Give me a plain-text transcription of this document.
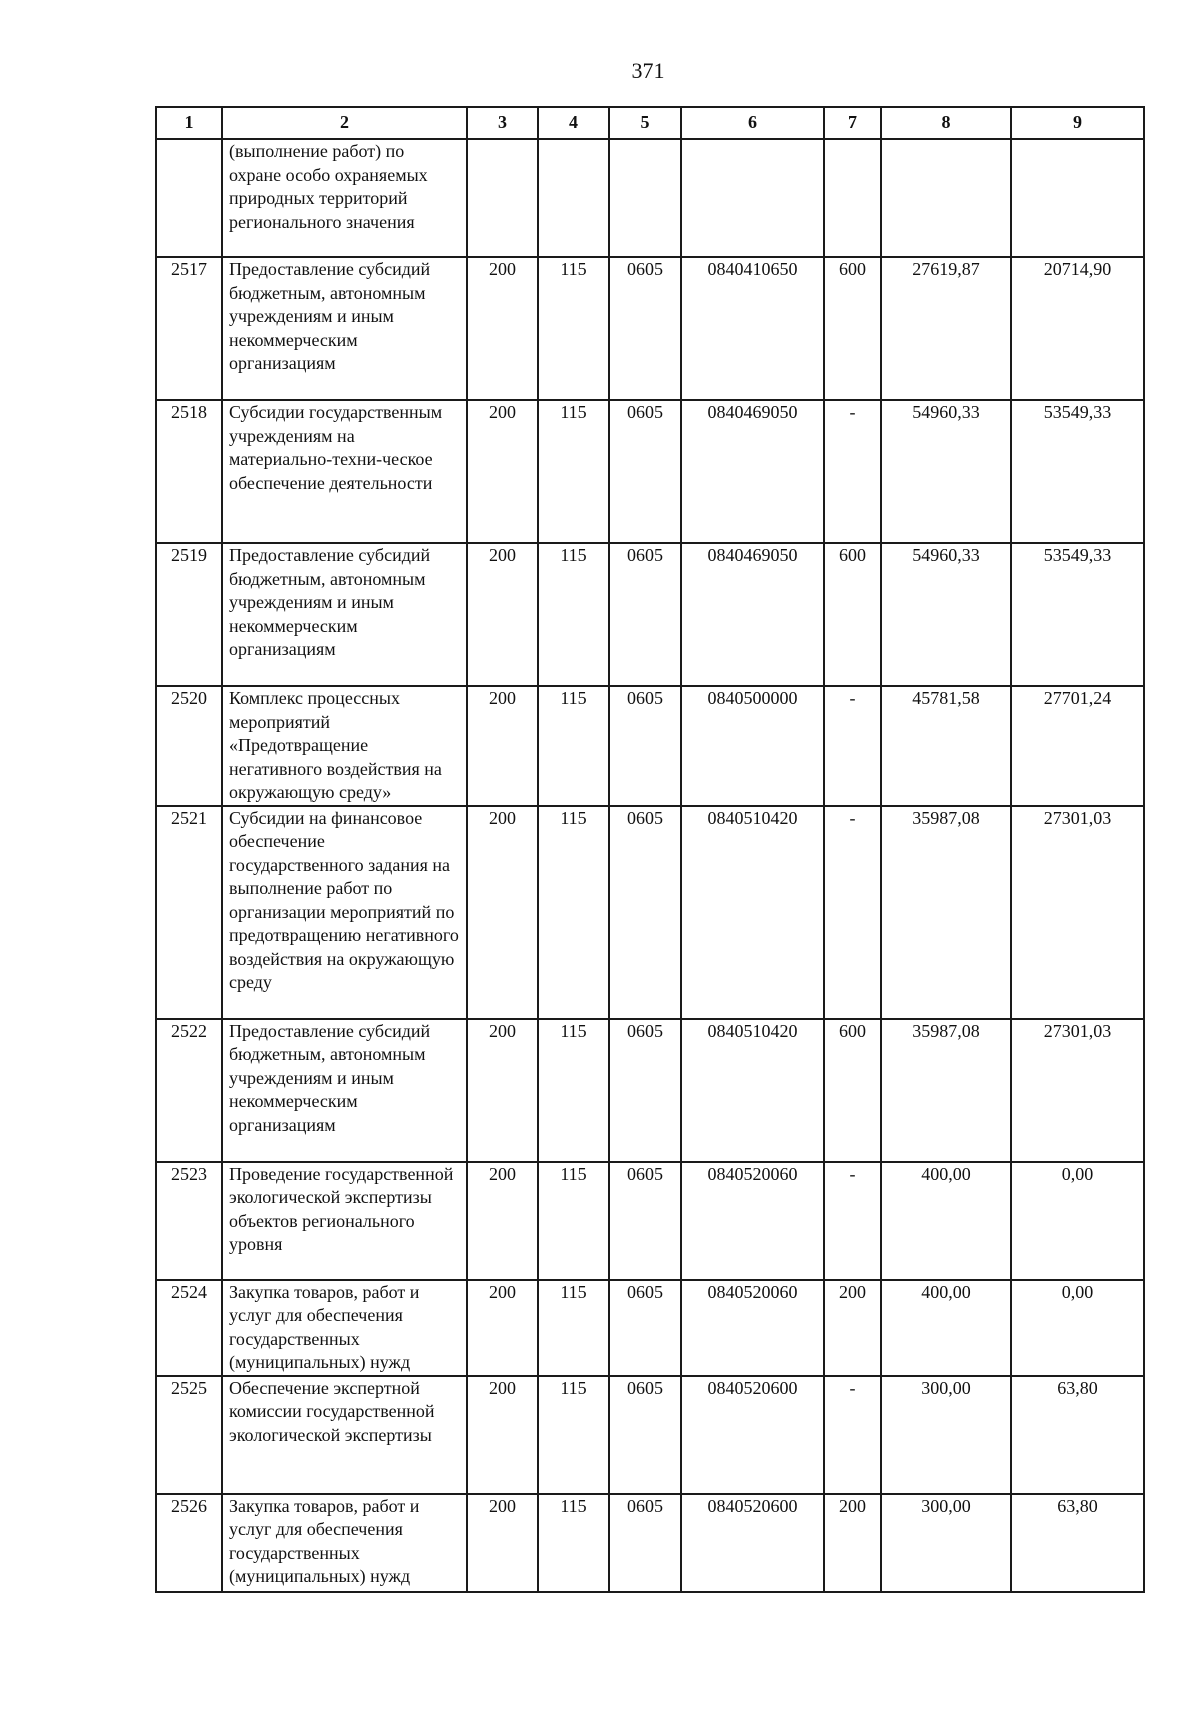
371
1	2	3	4	5	6	7	8	9
	(выполнение работ) по охране особо охраняемых природных территорий регионального значения							
2517	Предоставление субсидий бюджетным, автономным учреждениям и иным некоммерческим организациям	200	115	0605	0840410650	600	27619,87	20714,90
2518	Субсидии государственным учреждениям на материально-техни-ческое обеспечение деятельности	200	115	0605	0840469050	-	54960,33	53549,33
2519	Предоставление субсидий бюджетным, автономным учреждениям и иным некоммерческим организациям	200	115	0605	0840469050	600	54960,33	53549,33
2520	Комплекс процессных мероприятий «Предотвращение негативного воздействия на окружающую среду»	200	115	0605	0840500000	-	45781,58	27701,24
2521	Субсидии на финансовое обеспечение государственного задания на выполнение работ по организации мероприятий по предотвращению негативного воздействия на окружающую среду	200	115	0605	0840510420	-	35987,08	27301,03
2522	Предоставление субсидий бюджетным, автономным учреждениям и иным некоммерческим организациям	200	115	0605	0840510420	600	35987,08	27301,03
2523	Проведение государственной экологической экспертизы объектов регионального уровня	200	115	0605	0840520060	-	400,00	0,00
2524	Закупка товаров, работ и услуг для обеспечения государственных (муниципальных) нужд	200	115	0605	0840520060	200	400,00	0,00
2525	Обеспечение экспертной комиссии государственной экологической экспертизы	200	115	0605	0840520600	-	300,00	63,80
2526	Закупка товаров, работ и услуг для обеспечения государственных (муниципальных) нужд	200	115	0605	0840520600	200	300,00	63,80
